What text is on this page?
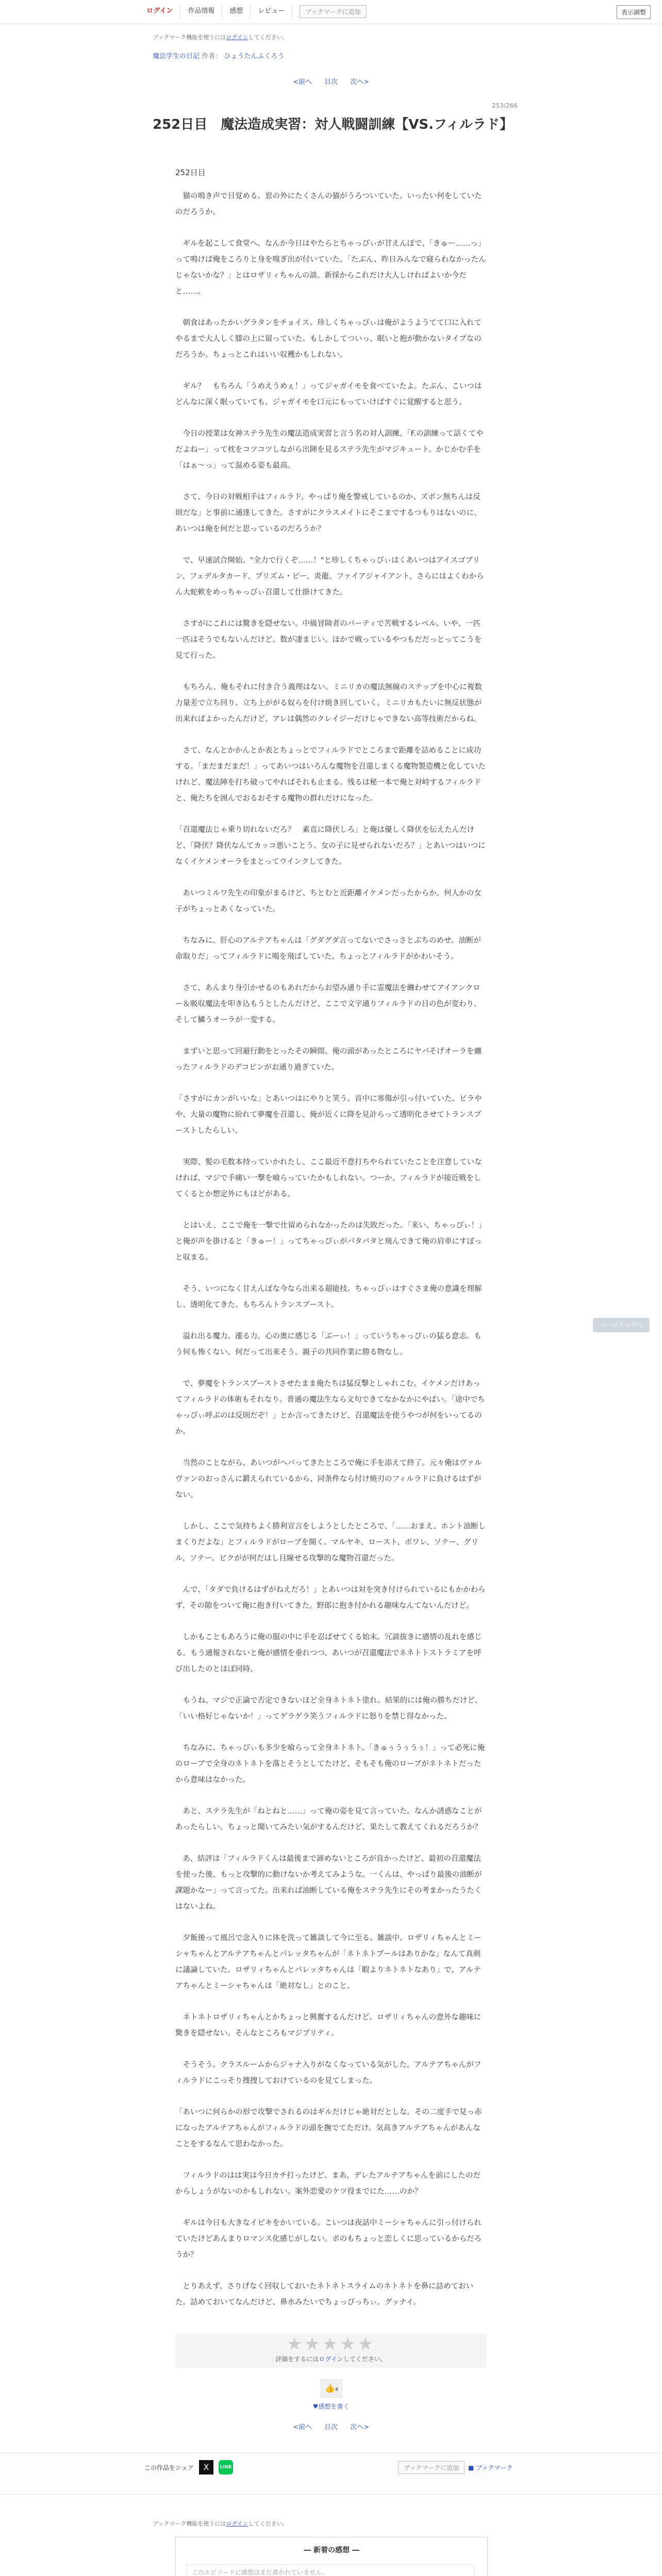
ログイン	作品情報	感想	レビュー	ブックマークに追加	表示調整
ブックマーク機能を使うにはログインしてください。
魔法学生の日記 作者： ひょうたんふくろう
<前へ 目次 次へ>
253/266
252日目　魔法造成実習：対人戦闘訓練【VS.フィルラド】
252日目

　猫の鳴き声で目覚める。窓の外にたくさんの猫がうろついていた。いったい何をしていたのだろうか。

　ギルを起こして食堂へ。なんか今日はやたらとちゃっぴぃが甘えんぼで、「きゅー……っ」って鳴けば俺をころりと身を嗅ぎ出が付いていた。「たぶん、昨日みんなで寝らわなかったんじゃないかな？」とはロザリィちゃんの談。新採からこれだけ大人しければよいか今だと……。

　朝食はあったかいグラタンをチョイス。珍しくちゃっぴぃは俺がようようてて口に入れてやるまで大人しく膝の上に留っていた。もしかしてついっ、眠いと抱が動かないタイプなのだろうか。ちょっとこれはいい収穫かもしれない。

　ギル？　もちろん「うめえうめぇ！」ってジャガイモを食べていたよ。たぶん、こいつはどんなに深く眠っていても、ジャガイモを口元にもっていけばすぐに覚醒すると思う。

　今日の授業は女神ステラ先生の魔法造成実習と言う名の対人訓練。「F.の訓練って話くてやだよねー」って枕をコツコツしながら出陣を見るステラ先生がマジキュート。かじかむ手を「はぁ～っ」って温める姿も最高。

　さて、今日の対戦相手はフィルラド。やっぱり俺を警戒しているのか、ズボン無ちんは反則だな」と事前に通達してきた。さすがにクラスメイトにそこまでするつもりはないのに、あいつは俺を何だと思っているのだろうか？

　で、早速試合開始。"全力で行くぞ……！"と珍しくちゃっぴぃはくあいつはアイスゴブリン、フェデルタカード、プリズム・ピー、炎龍、ファイアジャイアント、さらにはよくわからん大蛇軟をめっちゃっぴぃ召還して仕掛けてきた。

　さすがにこれには驚きを隠せない。中級冒険者のパーティで苦戦するレベル。いや、一匹一匹はそうでもないんだけど、数が凄まじい。ほかで戦っているやつもだだっとってこうを見て行った。

　もちろん、俺もそれに付き合う義理はない。ミニリカの魔法無線のステップを中心に複数力量差で立ち回り、立ち上ががる奴らを付け焼き回していく。ミニリカもたいに無反状態が出来ればよかったんだけど、アレは偶然のクレイジーだけじゃできない高等技術だからね。

　さて、なんとかかんとか表とちょっとでフィルラドでところまで距離を詰めることに成功する。「まだまだまだ！」ってあいつはいろんな魔物を召還しまくる魔物製造機と化していたけれど、魔法陣を打ち破ってやればそれも止まる。残るは秘一本で俺と対峙するフィルラドと、俺たちを囲んでおるおそする魔物の群れだけになった。

「召還魔法じゃ乗り切れないだろ？　素直に降伏しろ」と俺は優しく降伏を伝えたんだけど、「降伏？降伏なんてカッコ悪いことう、女の子に見せられないだろ？」とあいつはいつになくイケメンオーラをまとってウインクしてきた。

　あいつミルワ先生の印象がまるけど、ちとむと近距離イケメンだったからか。何人かの女子がちょっとあくなっていた。

　ちなみに、肝心のアルテアちゃんは「グダグダ言ってないでさっさとぶちのめせ。油断が命取りだ」ってフィルラドに喝を飛ばしていた。ちょっとフィルラドがかわいそう。

　さて、あんまり身引かせるのもあれだからお望み通り手に霊魔法を纏わせてアイアンクロー＆吸収魔法を叩き込もうとしたんだけど、ここで文字通りフィルラドの目の色が変わり、そして鱗うオーラが一変する。

　まずいと思って回避行動をとったその瞬間、俺の頭があったところにヤバそげオーラを纏ったフィルラドのデコピンがお通り過ぎていた。

「さすがにカンがいいな」とあいつはにやりと笑う。首中に寒傷が引っ付いていた。ビラやや、大量の魔物に紛れて夢魔を召還し、俺が近くに降を見計らって透明化させてトランスブーストしたらしい。

　実際、髪の毛数本持っていかれたし、ここ最近不意打ちやられていたことを注意していなければ、マジで手痛い一撃を喰らっていたかもしれない。つーか、フィルラドが接近戦をしてくるとか想定外にもほどがある。

　とはいえ、ここで俺を一撃で仕留められなかったのは失敗だった。「来い、ちゃっぴぃ！」と俺が声を掛けると「きゅー！」ってちゃっぴぃがパタパタと飛んできて俺の肩車にすぽっと収まる。

　そう、いつになく甘えんぼな今なら出来る超能技。ちゃっぴぃはすぐさま俺の意識を理解し、透明化てきた。もちろんトランスブースト。

　溢れ出る魔力。漲る力。心の奥に感じる「ぷーぃ！」っていうちゃっぴぃの猛る意志。もう何も怖くない。何だって出来そう。親子の共同作業に勝る物なし。

　で、夢魔をトランスブーストさせたまま俺たちは猛反撃としゃれこむ。イケメンだけあってフィルラドの体術もそれなり。普通の魔法生なら文句できてなかなかにやばい。「途中でちゃっぴぃ呼ぶのは反則だぞ！」とか言ってきたけど、召還魔法を使うやつが何をいってるのか。

　当然のことながら、あいつがヘバってきたところで俺に手を添えて終了。元々俺はヴァルヴァンのおっさんに鍛えられているから、同条件なら付け焼刃のフィルラドに負けるはずがない。

　しかし、ここで気持ちよく勝利宣言をしようとしたところで、「……おまえ、ホント油断しまくりだよな」とフィルラドがローブを開く。マルヤキ、ロースト、ポワレ、ソテー、グリル、ソテー。ビクがが何だはし目線せる攻撃的な魔物召還だった。

　んで、「タダで負けるはずがねえだろ！」とあいつは対を突き付けられているにもかかわらず、その隙をついて俺に抱き付いてきた。野郎に抱き付かれる趣味なんてないんだけど。

　しかもこともあろうに俺の服の中に手を忍ばせてくる始末。冗談抜きに感情の乱れを感じる。もう通報されないと俺が感情を垂れつつ、あいつが召還魔法でネネトトストラミアを呼び出したのとほぼ同時。

　もうね、マジで正論で否定できないほど全身ネトネト塗れ。結果的には俺の勝ちだけど、「いい格好じゃないか！」ってゲラゲラ笑うフィルラドに怒りを禁じ得なかった。

　ちなみに、ちゃっぴぃも多少を喰らって全身ネトネト。「きゅぅうぅうぅ！」って必死に俺のローブで全身のネトネトを落とそうとしてたけど、そもそも俺のローブがネトネトだったから意味はなかった。

　あと、ステラ先生が「ねとねと……」って俺の姿を見て言っていた。なんか誘惑なことがあったらしい。ちょっと聞いてみたい気がするんだけど、果たして教えてくれるだろうか？

　あ、結評は「フィルラドくんは最後まで諦めないところが良かったけど、最初の召還魔法を使った後、もっと攻撃的に動けないか考えてみような。一くんは、やっぱり最後の油断が課題かなー」って言ってた。出来れば油断している俺をステラ先生にその考まかったうたくはないよね。

　夕飯後って風呂で念入りに体を洗って雑談して今に至る。雑談中、ロザリィちゃんとミーシャちゃんとアルテアちゃんとパレッタちゃんが「ネトネトプールはありかな」なんて真剣に議論していた。ロザリィちゃんとパレッタちゃんは「暇よりネトネトなあり」で、アルテアちゃんとミーシャちゃんは「絶対なし」とのこと。

　ネトネトロザリィちゃんとかちょっと興奮するんだけど。ロザリィちゃんの意外な趣味に驚きを隠せない。そんなところもマジプリティ。

　そうそう。クラスルームからジャナ入りがなくなっている気がした。アルテアちゃんがフィルラドにこっそり捜捜しておけているのを見てしまった。

「あいつに何らかの形で攻撃でされるのはギルだけじゃ絶対だとしな。その二度手で見っ赤になったアルテアちゃんがフィルラドの頭を撫でてただけ。気高きアルテアちゃんがあんなことをするなんて思わなかった。

　フィルラドのはは実は今日カチ打ったけど、まあ、デレたアルテアちゃんを前にしたのだからしょうがないのかもしれない。案外恋愛のケツ役までにた……のか？

　ギルは今日も大きなイビキをかいている。こいつは夜話中ミーシャちゃんに引っ付けられていたけどあんまりロマンス化感じがしない。ポのもちょっと恋しくに思っているからだろうか？

　とりあえず、さりげなく回収しておいたネトネトスライムのネトネトを鼻に詰めておいた。詰めておいてなんだけど、鼻水みたいでちょっぴっちぃ。グッナイ。

★★★★★
評価をするにはログインしてください。
👍4
♥感想を書く
<前へ 目次 次へ>
この作品をシェア	X	LINE	ブックマークに追加	■ ブックマーク
ブックマーク機能を使うにはログインしてください。
― 新着の感想 ―
このエピソードに感想はまだ書かれていません。
ページトップへ
